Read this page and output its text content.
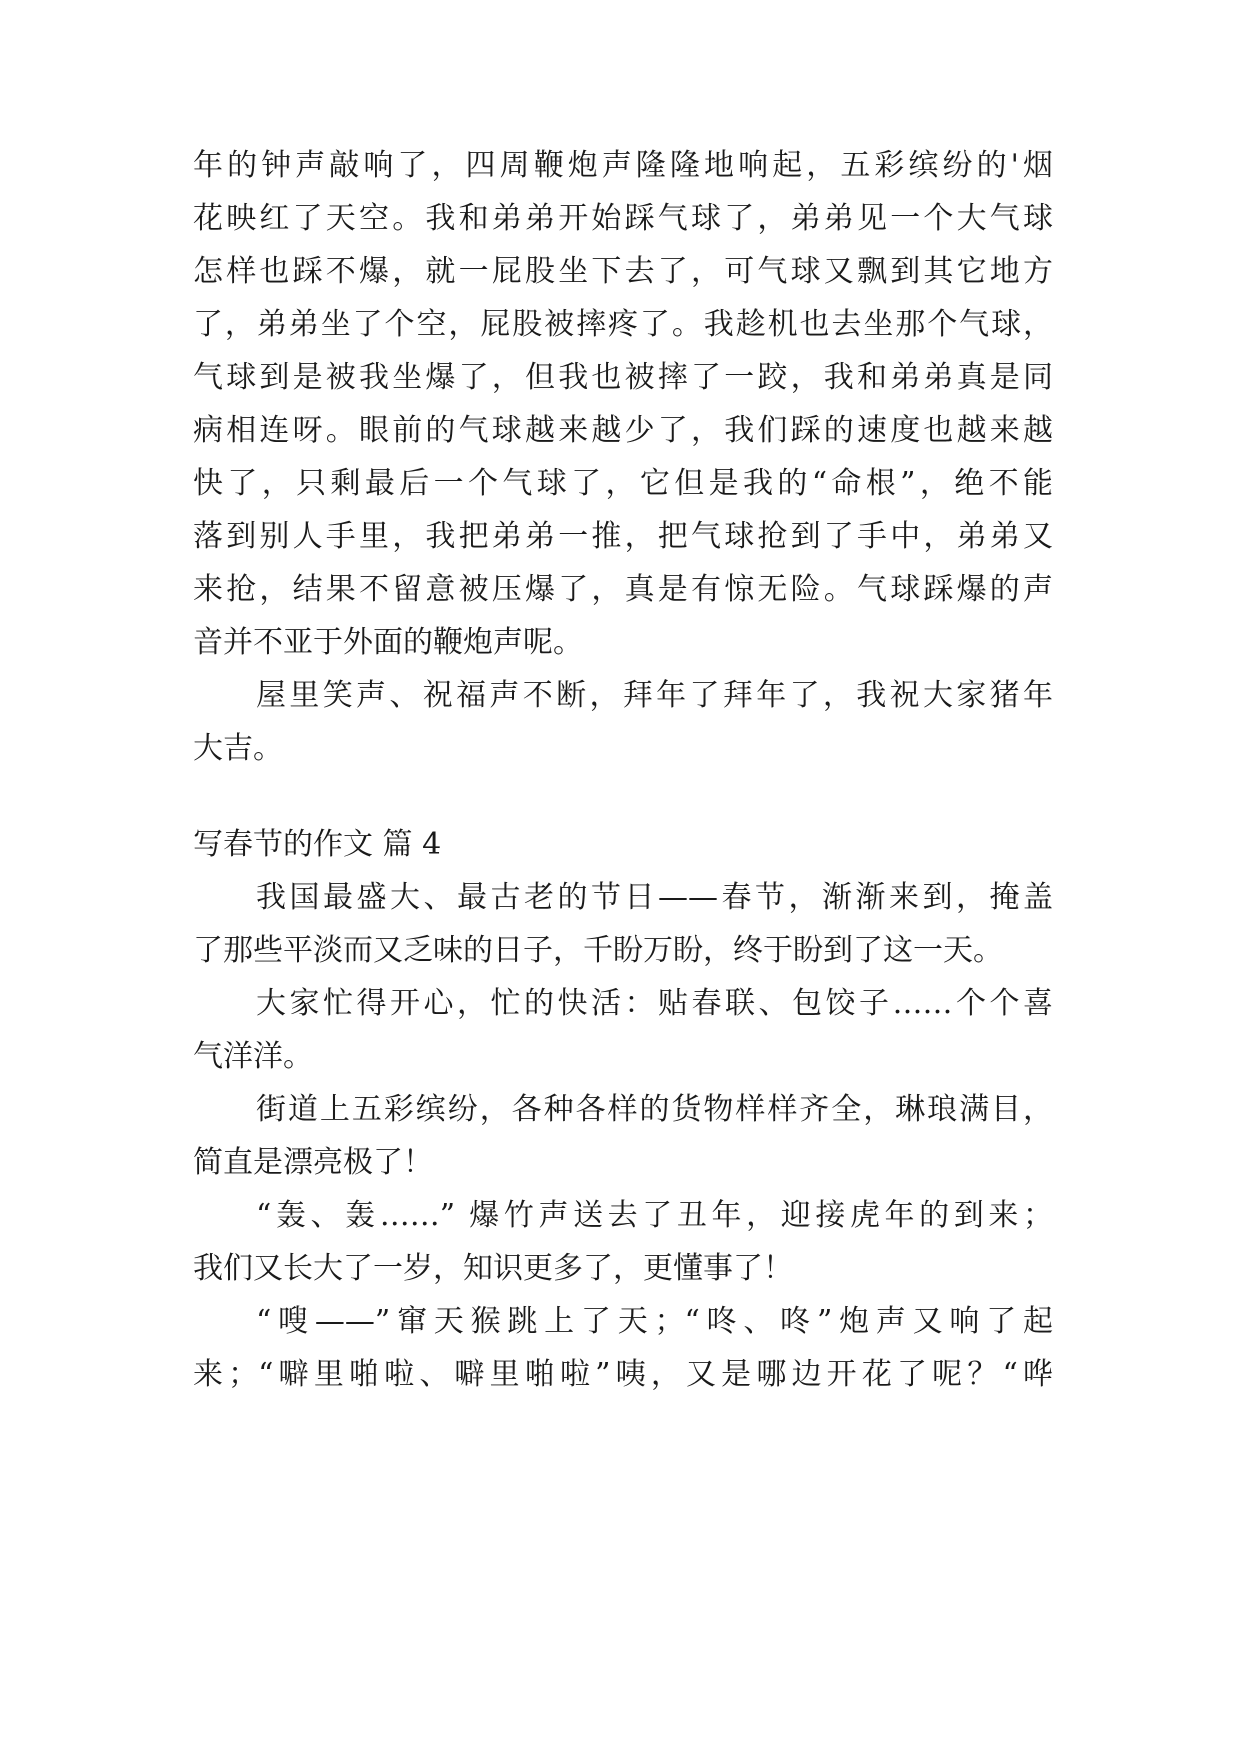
年的钟声敲响了，四周鞭炮声隆隆地响起，五彩缤纷的'烟
花映红了天空。我和弟弟开始踩气球了，弟弟见一个大气球
怎样也踩不爆，就一屁股坐下去了，可气球又飘到其它地方
了，弟弟坐了个空，屁股被摔疼了。我趁机也去坐那个气球，
气球到是被我坐爆了，但我也被摔了一跤，我和弟弟真是同
病相连呀。眼前的气球越来越少了，我们踩的速度也越来越
快了，只剩最后一个气球了，它但是我的“命根”，绝不能
落到别人手里，我把弟弟一推，把气球抢到了手中，弟弟又
来抢，结果不留意被压爆了，真是有惊无险。气球踩爆的声
音并不亚于外面的鞭炮声呢。
屋里笑声、祝福声不断，拜年了拜年了，我祝大家猪年
大吉。
写春节的作文 篇 4
我国最盛大、最古老的节日——春节，渐渐来到，掩盖
了那些平淡而又乏味的日子，千盼万盼，终于盼到了这一天。
大家忙得开心，忙的快活：贴春联、包饺子……个个喜
气洋洋。
街道上五彩缤纷，各种各样的货物样样齐全，琳琅满目，
简直是漂亮极了！
“轰、轰……” 爆竹声送去了丑年，迎接虎年的到来；
我们又长大了一岁，知识更多了，更懂事了！
“嗖——”窜天猴跳上了天；“咚、咚”炮声又响了起
来；“噼里啪啦、噼里啪啦”咦，又是哪边开花了呢？“哗
